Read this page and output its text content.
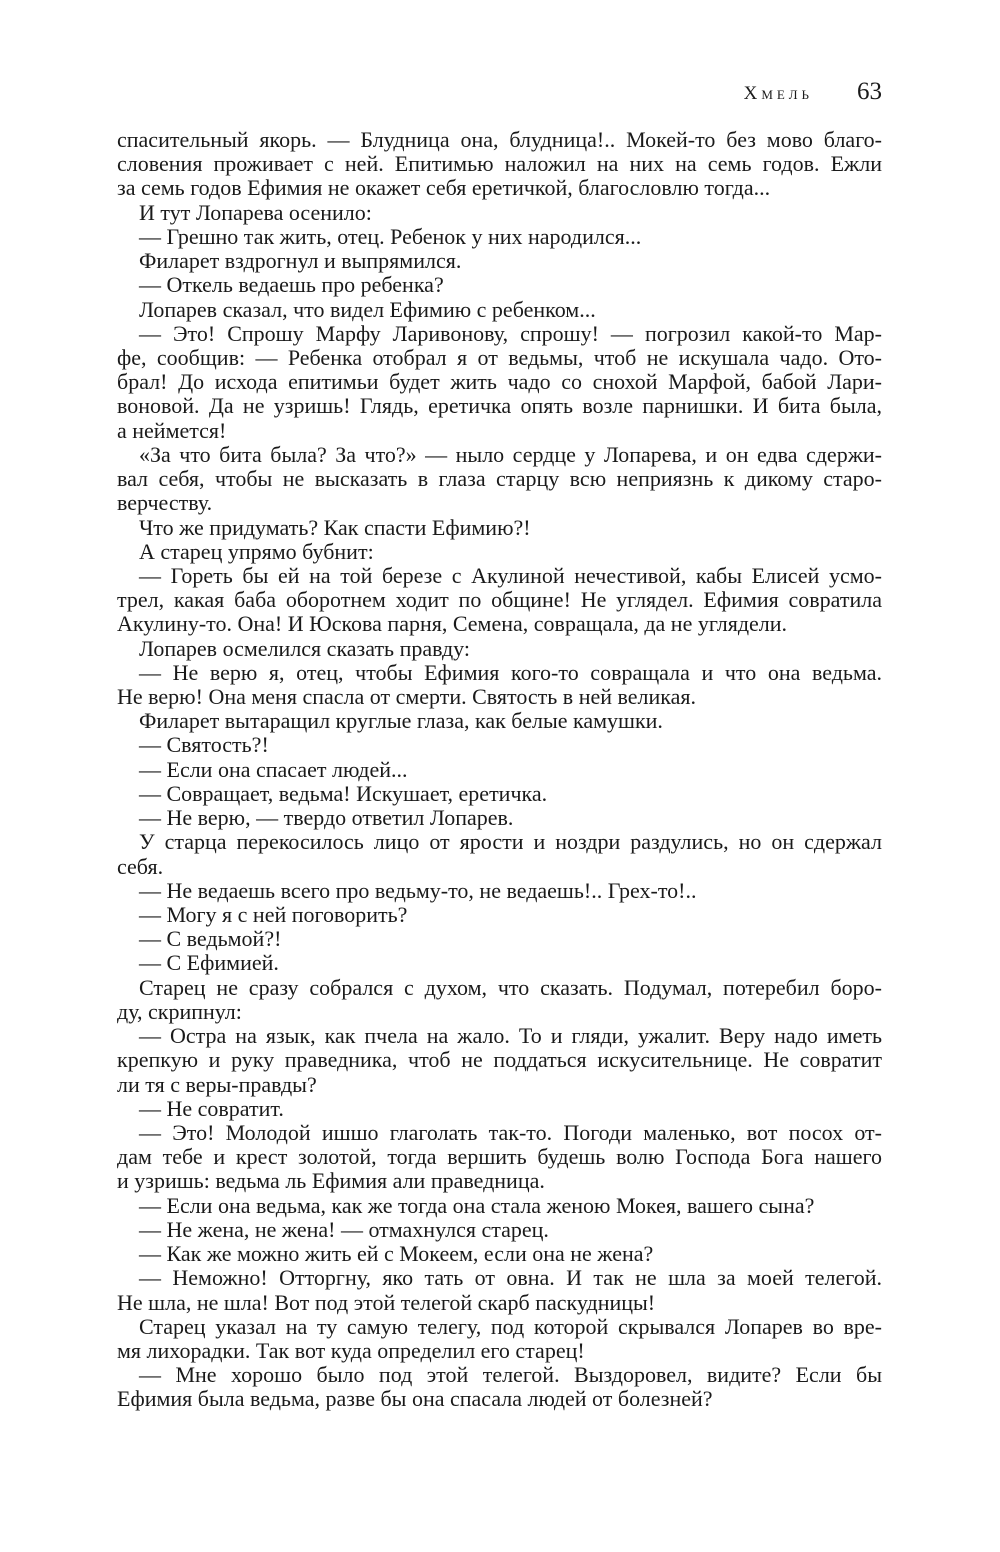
Хмель 63
спасительный якорь. — Блудница она, блудница!.. Мокей-то без мово благо-
словения проживает с ней. Епитимью наложил на них на семь годов. Ежли
за семь годов Ефимия не окажет себя еретичкой, благословлю тогда...
И тут Лопарева осенило:
— Грешно так жить, отец. Ребенок у них народился...
Филарет вздрогнул и выпрямился.
— Откель ведаешь про ребенка?
Лопарев сказал, что видел Ефимию с ребенком...
— Это! Спрошу Марфу Ларивонову, спрошу! — погрозил какой-то Мар-
фе, сообщив: — Ребенка отобрал я от ведьмы, чтоб не искушала чадо. Ото-
брал! До исхода епитимьи будет жить чадо со снохой Марфой, бабой Лари-
воновой. Да не узришь! Глядь, еретичка опять возле парнишки. И бита была,
а неймется!
«За что бита была? За что?» — ныло сердце у Лопарева, и он едва сдержи-
вал себя, чтобы не высказать в глаза старцу всю неприязнь к дикому старо-
верчеству.
Что же придумать? Как спасти Ефимию?!
А старец упрямо бубнит:
— Гореть бы ей на той березе с Акулиной нечестивой, кабы Елисей усмо-
трел, какая баба оборотнем ходит по общине! Не углядел. Ефимия совратила
Акулину-то. Она! И Юскова парня, Семена, совращала, да не углядели.
Лопарев осмелился сказать правду:
— Не верю я, отец, чтобы Ефимия кого-то совращала и что она ведьма.
Не верю! Она меня спасла от смерти. Святость в ней великая.
Филарет вытаращил круглые глаза, как белые камушки.
— Святость?!
— Если она спасает людей...
— Совращает, ведьма! Искушает, еретичка.
— Не верю, — твердо ответил Лопарев.
У старца перекосилось лицо от ярости и ноздри раздулись, но он сдержал
себя.
— Не ведаешь всего про ведьму-то, не ведаешь!.. Грех-то!..
— Могу я с ней поговорить?
— С ведьмой?!
— С Ефимией.
Старец не сразу собрался с духом, что сказать. Подумал, потеребил боро-
ду, скрипнул:
— Остра на язык, как пчела на жало. То и гляди, ужалит. Веру надо иметь
крепкую и руку праведника, чтоб не поддаться искусительнице. Не совратит
ли тя с веры-правды?
— Не совратит.
— Это! Молодой ишшо глаголать так-то. Погоди маленько, вот посох от-
дам тебе и крест золотой, тогда вершить будешь волю Господа Бога нашего
и узришь: ведьма ль Ефимия али праведница.
— Если она ведьма, как же тогда она стала женою Мокея, вашего сына?
— Не жена, не жена! — отмахнулся старец.
— Как же можно жить ей с Мокеем, если она не жена?
— Неможно! Отторгну, яко тать от овна. И так не шла за моей телегой.
Не шла, не шла! Вот под этой телегой скарб паскудницы!
Старец указал на ту самую телегу, под которой скрывался Лопарев во вре-
мя лихорадки. Так вот куда определил его старец!
— Мне хорошо было под этой телегой. Выздоровел, видите? Если бы
Ефимия была ведьма, разве бы она спасала людей от болезней?
